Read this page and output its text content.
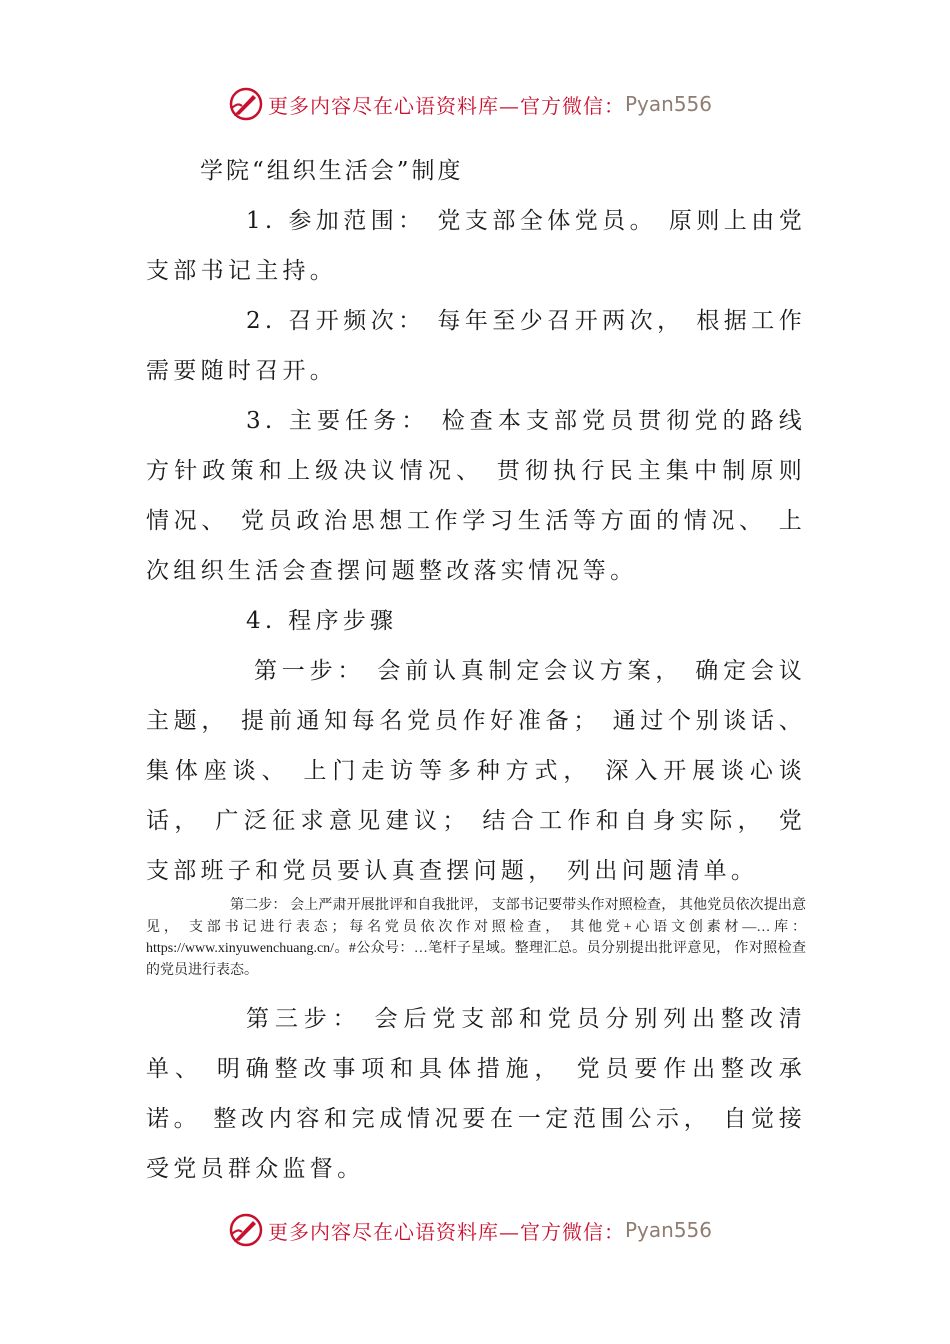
更多内容尽在心语资料库—官方微信： Pyan556
学院“组织生活会”制度
1. 参加范围： 党支部全体党员。 原则上由党支部书记主持。
2. 召开频次： 每年至少召开两次， 根据工作需要随时召开。
3. 主要任务： 检查本支部党员贯彻党的路线方针政策和上级决议情况、 贯彻执行民主集中制原则情况、 党员政治思想工作学习生活等方面的情况、 上次组织生活会查摆问题整改落实情况等。
4. 程序步骤
第一步： 会前认真制定会议方案， 确定会议主题， 提前通知每名党员作好准备； 通过个别谈话、 集体座谈、 上门走访等多种方式， 深入开展谈心谈话， 广泛征求意见建议； 结合工作和自身实际， 党支部班子和党员要认真查摆问题， 列出问题清单。
第二步： 会上严肃开展批评和自我批评， 支部书记要带头作对照检查， 其他党员依次提出意见， 支部书记进行表态；每名党员依次作对照检查， 其他党+心语文创素材—…库：https://www.xinyuwenchuang.cn/。#公众号：…笔杆子星域。整理汇总。员分别提出批评意见， 作对照检查的党员进行表态。
第三步： 会后党支部和党员分别列出整改清单、 明确整改事项和具体措施， 党员要作出整改承诺。 整改内容和完成情况要在一定范围公示， 自觉接受党员群众监督。
更多内容尽在心语资料库—官方微信： Pyan556
